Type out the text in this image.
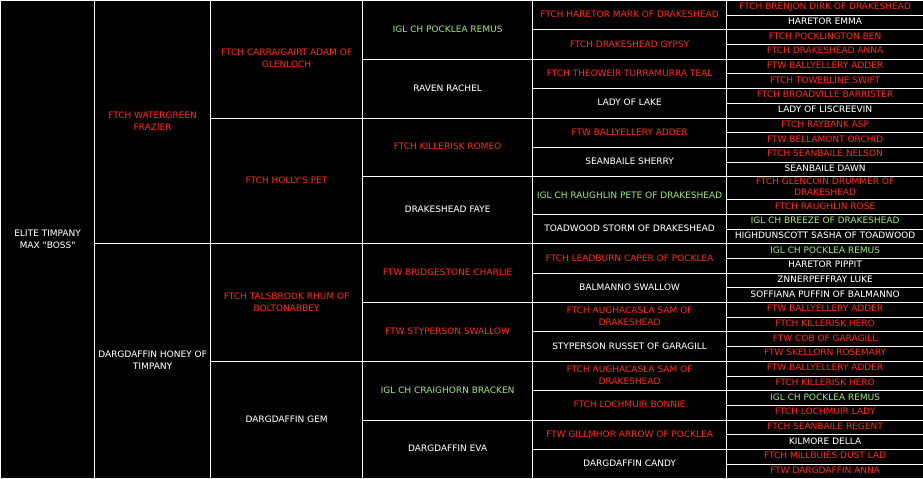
ELITE TIMPANY MAX "BOSS"	FTCH WATERGREEN FRAZIER	FTCH CARRAIGAIRT ADAM OF GLENLOCH	IGL CH POCKLEA REMUS	FTCH HARETOR MARK OF DRAKESHEAD	FTCH BRENJON DIRK OF DRAKESHEAD
					HARETOR EMMA
				FTCH DRAKESHEAD GYPSY	FTCH POCKLINGTON BEN
					FTCH DRAKESHEAD ANNA
			RAVEN RACHEL	FTCH THEOWEIR TURRAMURRA TEAL	FTW BALLYELLERY ADDER
					FTCH TOWERLINE SWIFT
				LADY OF LAKE	FTCH BROADVILLE BARRISTER
					LADY OF LISCREEVIN
		FTCH HOLLY'S PET	FTCH KILLERISK ROMEO	FTW BALLYELLERY ADDER	FTCH RAYBANK ASP
					FTW BELLAMONT ORCHID
				SEANBAILE SHERRY	FTCH SEANBAILE NELSON
					SEANBAILE DAWN
			DRAKESHEAD FAYE	IGL CH RAUGHLIN PETE OF DRAKESHEAD	FTCH GLENCOIN DRUMMER OF DRAKESHEAD
					FTCH RAUGHLIN ROSE
				TOADWOOD STORM OF DRAKESHEAD	IGL CH BREEZE OF DRAKESHEAD
					HIGHDUNSCOTT SASHA OF TOADWOOD
	DARGDAFFIN HONEY OF TIMPANY	FTCH TALSBROOK RHUM OF BOLTONABBEY	FTW BRIDGESTONE CHARLIE	FTCH LEADBURN CAPER OF POCKLEA	IGL CH POCKLEA REMUS
					HARETOR PIPPIT
				BALMANNO SWALLOW	ZNNERPEFFRAY LUKE
					SOFFIANA PUFFIN OF BALMANNO
			FTW STYPERSON SWALLOW	FTCH AUGHACASLA SAM OF DRAKESHEAD	FTW BALLYELLERY ADDER
					FTCH KILLERISK HERO
				STYPERSON RUSSET OF GARAGILL	FTW COB OF GARAGILL
					FTW SKELLORN ROSEMARY
		DARGDAFFIN GEM	IGL CH CRAIGHORN BRACKEN	FTCH AUGHACASLA SAM OF DRAKESHEAD	FTW BALLYELLERY ADDER
					FTCH KILLERISK HERO
				FTCH LOCHMUIR BONNIE	IGL CH POCKLEA REMUS
					FTCH LOCHMUIR LADY
			DARGDAFFIN EVA	FTW GILLMHOR ARROW OF POCKLEA	FTCH SEANBAILE REGENT
					KILMORE DELLA
				DARGDAFFIN CANDY	FTCH MILLBUIES DUST LAD
					FTW DARGDAFFIN ANNA
